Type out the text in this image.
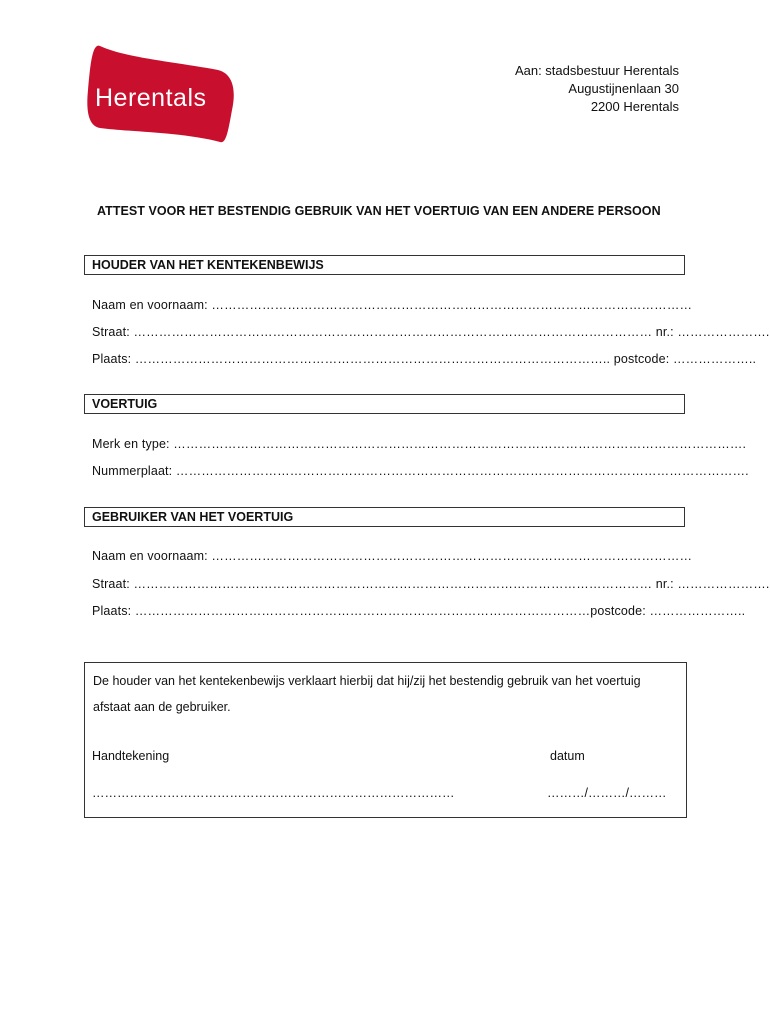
Herentals
Aan: stadsbestuur Herentals
Augustijnenlaan 30
2200 Herentals
ATTEST VOOR HET BESTENDIG GEBRUIK VAN HET VOERTUIG VAN EEN ANDERE PERSOON
HOUDER VAN HET KENTEKENBEWIJS
Naam en voornaam: ……………………………………………………………………………………………………
Straat: …………………………………………………………………………………………………………… nr.: ………………….
Plaats: ………………………………………………………………………………………………….. postcode: ………………..
VOERTUIG
Merk en type: ……………………………………………………………………………………………………………………….
Nummerplaat: ……………………………………………………………………………………………………………………….
GEBRUIKER VAN HET VOERTUIG
Naam en voornaam: ……………………………………………………………………………………………………
Straat: …………………………………………………………………………………………………………… nr.: ………………….
Plaats: ………………………………………………………………………………………………postcode: …………………..
De houder van het kentekenbewijs verklaart hierbij dat hij/zij het bestendig gebruik van het voertuig afstaat aan de gebruiker.
Handtekening	datum
……………………………………………………………………………	………/………/………
